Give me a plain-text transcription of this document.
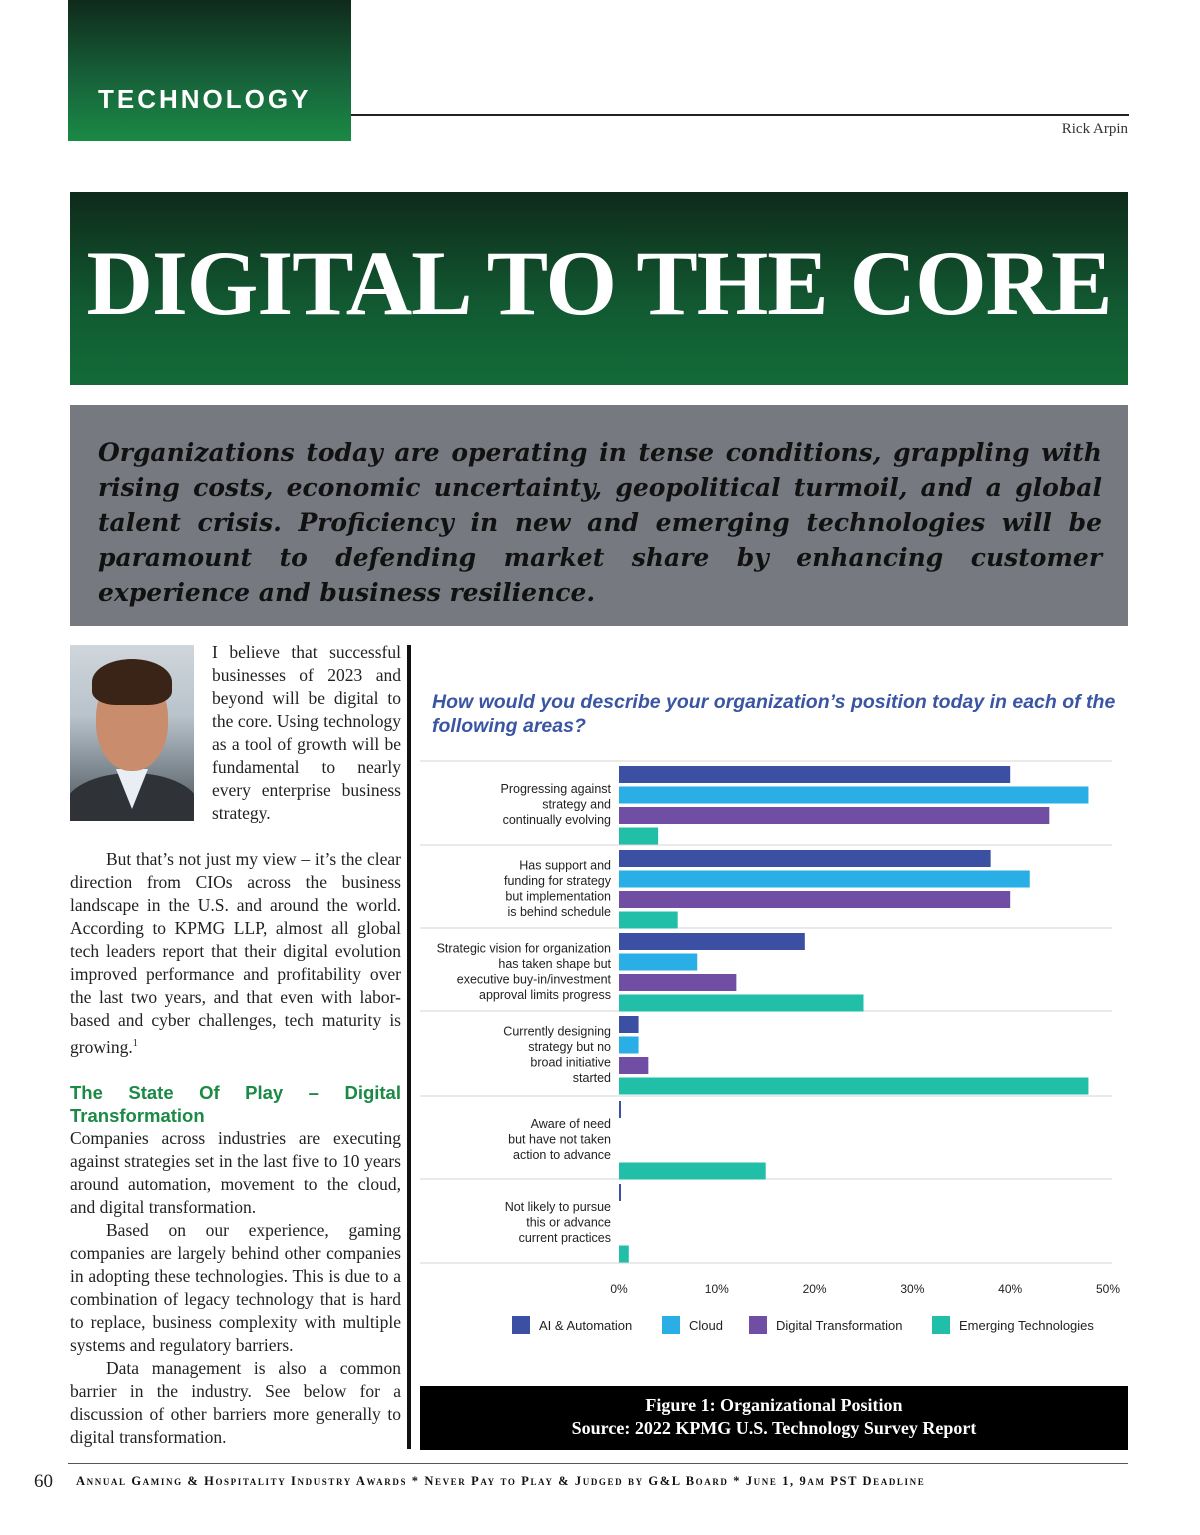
TECHNOLOGY
Rick Arpin
DIGITAL TO THE CORE

Organizations today are operating in tense conditions, grappling with rising costs, economic uncertainty, geopolitical turmoil, and a global talent crisis. Proficiency in new and emerging technologies will be paramount to defending market share by enhancing customer experience and business resilience.

I believe that successful businesses of 2023 and beyond will be digital to the core. Using technology as a tool of growth will be fundamental to nearly every enterprise business strategy.

But that’s not just my view – it’s the clear direction from CIOs across the business landscape in the U.S. and around the world. According to KPMG LLP, almost all global tech leaders report that their digital evolution improved performance and profitability over the last two years, and that even with labor-based and cyber challenges, tech maturity is growing.$^1$

The State Of Play – Digital Transformation

Companies across industries are executing against strategies set in the last five to 10 years around automation, movement to the cloud, and digital transformation.

Based on our experience, gaming companies are largely behind other companies in adopting these technologies. This is due to a combination of legacy technology that is hard to replace, business complexity with multiple systems and regulatory barriers.

Data management is also a common barrier in the industry. See below for a discussion of other barriers more generally to digital transformation.

How would you describe your organization’s position today in each of the following areas?
Progressing against
strategy and
continually evolving
Has support and
funding for strategy
but implementation
is behind schedule
Strategic vision for organization
has taken shape but
executive buy-in/investment
approval limits progress
Currently designing
strategy but no
broad initiative
started
Aware of need
but have not taken
action to advance
Not likely to pursue
this or advance
current practices
0%	10%	20%	30%	40%	50%
AI & Automation	Cloud	Digital Transformation	Emerging Technologies
Figure 1: Organizational Position
Source: 2022 KPMG U.S. Technology Survey Report
60 Annual Gaming & Hospitality Industry Awards * Never Pay to Play & Judged by G&L Board * June 1, 9am PST Deadline
